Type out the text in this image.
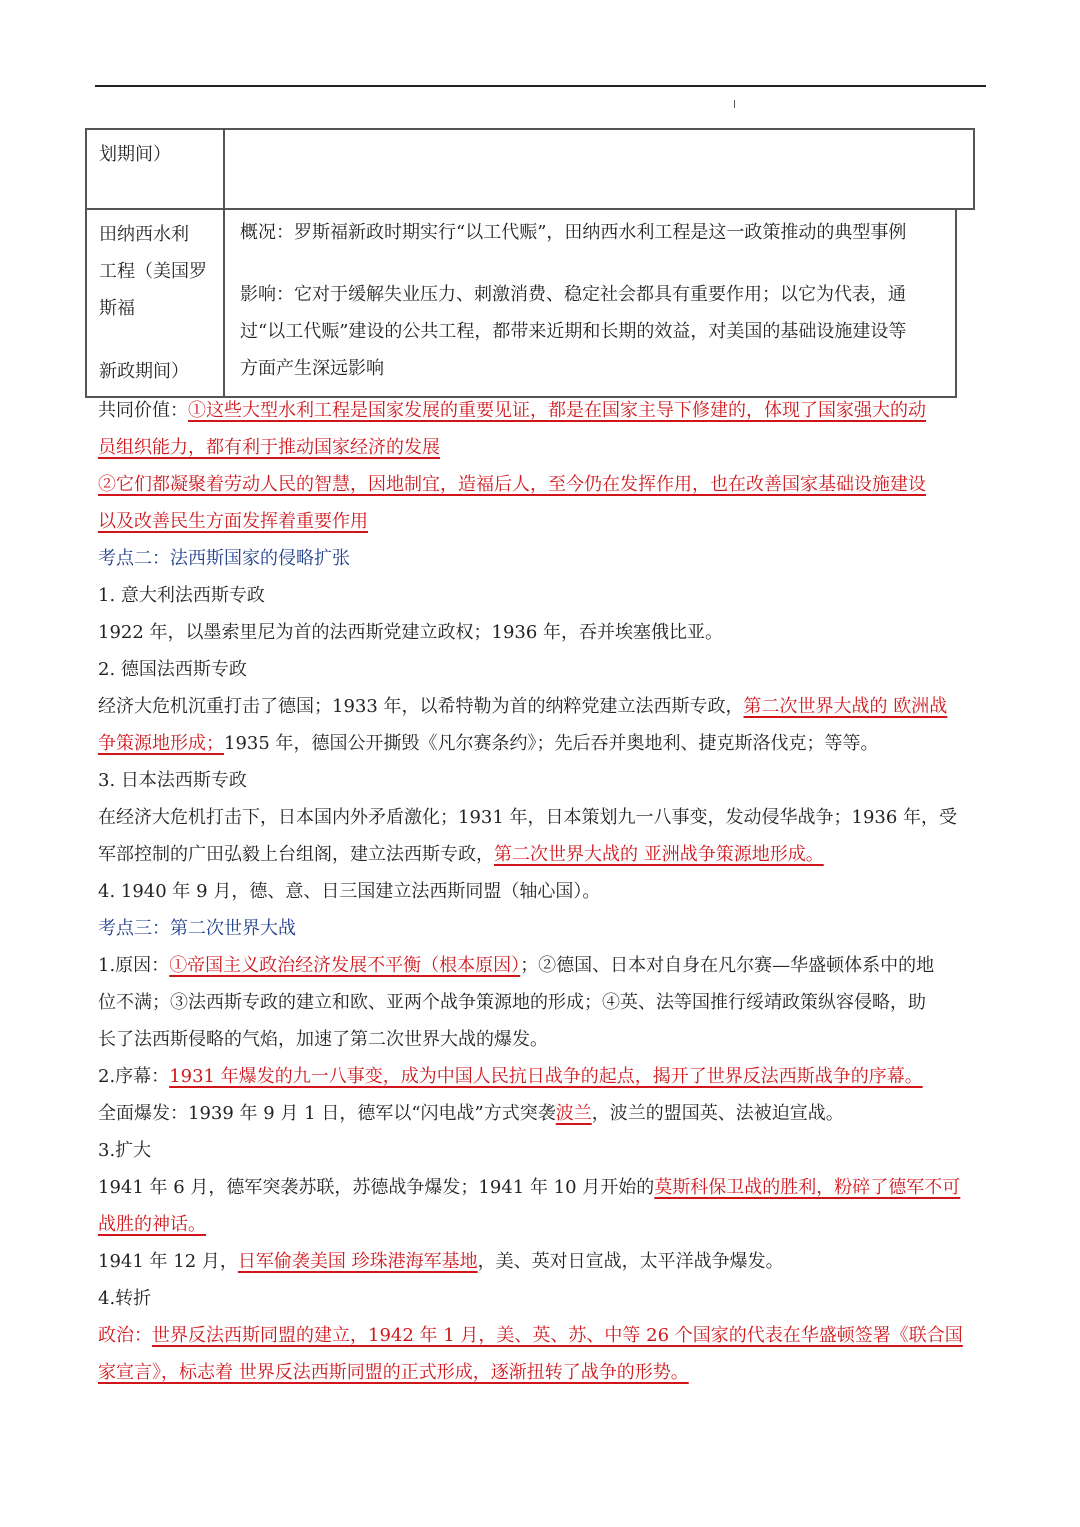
划期间）
田纳西水利
工程（美国罗
斯福
新政期间）
概况：罗斯福新政时期实行“以工代赈”，田纳西水利工程是这一政策推动的典型事例
影响：它对于缓解失业压力、刺激消费、稳定社会都具有重要作用；以它为代表，通
过“以工代赈”建设的公共工程，都带来近期和长期的效益，对美国的基础设施建设等
方面产生深远影响

共同价值：①这些大型水利工程是国家发展的重要见证，都是在国家主导下修建的，体现了国家强大的动

员组织能力，都有利于推动国家经济的发展

②它们都凝聚着劳动人民的智慧，因地制宜，造福后人，至今仍在发挥作用，也在改善国家基础设施建设

以及改善民生方面发挥着重要作用

考点二：法西斯国家的侵略扩张

1. 意大利法西斯专政

1922 年，以墨索里尼为首的法西斯党建立政权；1936 年，吞并埃塞俄比亚。

2. 德国法西斯专政

经济大危机沉重打击了德国；1933 年，以希特勒为首的纳粹党建立法西斯专政，第二次世界大战的 欧洲战

争策源地形成；1935 年，德国公开撕毁《凡尔赛条约》；先后吞并奥地利、捷克斯洛伐克；等等。

3. 日本法西斯专政

在经济大危机打击下，日本国内外矛盾激化；1931 年，日本策划九一八事变，发动侵华战争；1936 年，受

军部控制的广田弘毅上台组阁，建立法西斯专政，第二次世界大战的 亚洲战争策源地形成。

4. 1940 年 9 月，德、意、日三国建立法西斯同盟（轴心国）。

考点三：第二次世界大战

1.原因：①帝国主义政治经济发展不平衡（根本原因）；②德国、日本对自身在凡尔赛—华盛顿体系中的地

位不满；③法西斯专政的建立和欧、亚两个战争策源地的形成；④英、法等国推行绥靖政策纵容侵略，助

长了法西斯侵略的气焰，加速了第二次世界大战的爆发。

2.序幕：1931 年爆发的九一八事变，成为中国人民抗日战争的起点，揭开了世界反法西斯战争的序幕。

全面爆发：1939 年 9 月 1 日，德军以“闪电战”方式突袭波兰，波兰的盟国英、法被迫宣战。

3.扩大

1941 年 6 月，德军突袭苏联，苏德战争爆发；1941 年 10 月开始的莫斯科保卫战的胜利，粉碎了德军不可

战胜的神话。

1941 年 12 月，日军偷袭美国 珍珠港海军基地，美、英对日宣战，太平洋战争爆发。

4.转折

政治：世界反法西斯同盟的建立，1942 年 1 月，美、英、苏、中等 26 个国家的代表在华盛顿签署《联合国

家宣言》，标志着 世界反法西斯同盟的正式形成，逐渐扭转了战争的形势。
